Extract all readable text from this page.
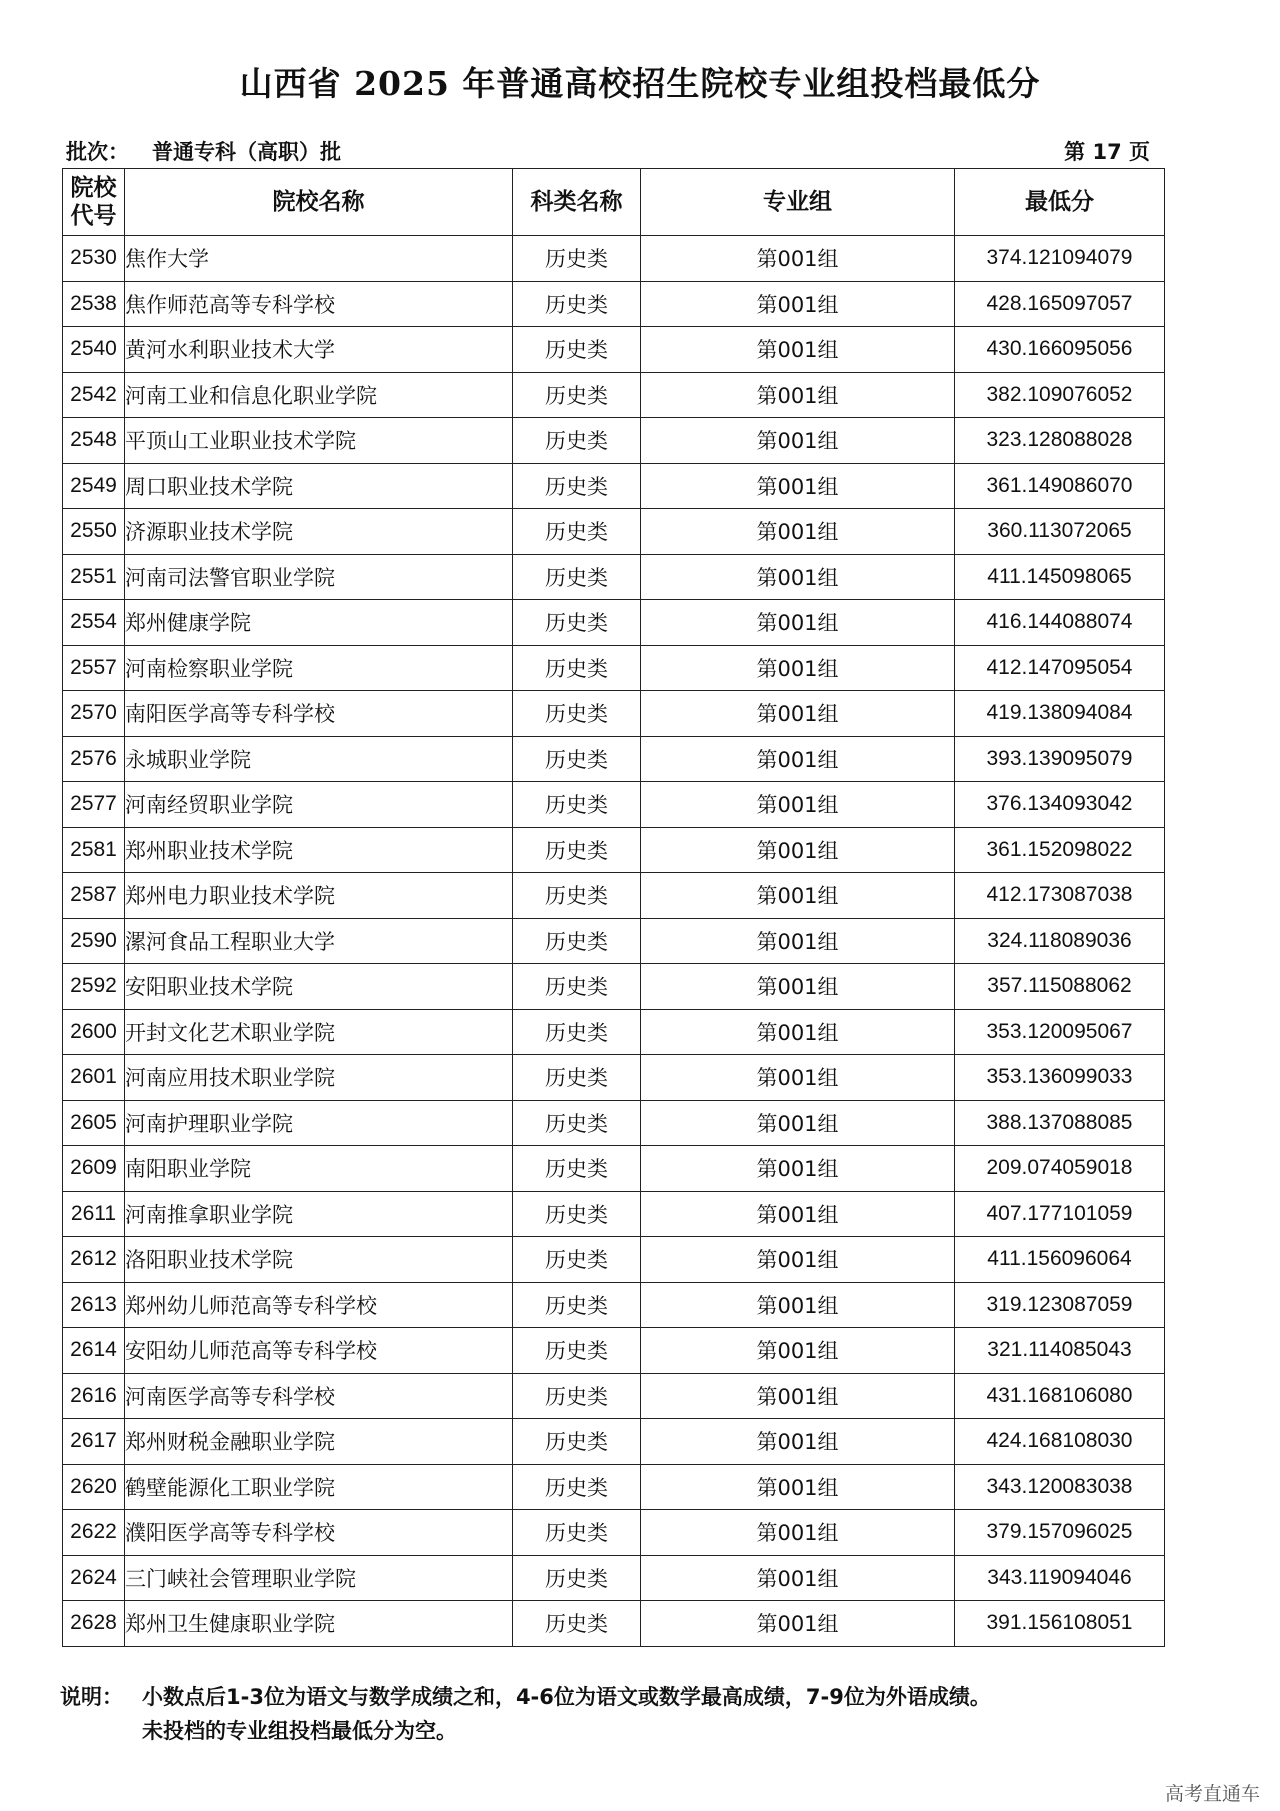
山西省 2025 年普通高校招生院校专业组投档最低分
批次： 普通专科（高职）批	第 17 页
院校
代号	院校名称	科类名称	专业组	最低分
2530	焦作大学	历史类	第001组	374.121094079
2538	焦作师范高等专科学校	历史类	第001组	428.165097057
2540	黄河水利职业技术大学	历史类	第001组	430.166095056
2542	河南工业和信息化职业学院	历史类	第001组	382.109076052
2548	平顶山工业职业技术学院	历史类	第001组	323.128088028
2549	周口职业技术学院	历史类	第001组	361.149086070
2550	济源职业技术学院	历史类	第001组	360.113072065
2551	河南司法警官职业学院	历史类	第001组	411.145098065
2554	郑州健康学院	历史类	第001组	416.144088074
2557	河南检察职业学院	历史类	第001组	412.147095054
2570	南阳医学高等专科学校	历史类	第001组	419.138094084
2576	永城职业学院	历史类	第001组	393.139095079
2577	河南经贸职业学院	历史类	第001组	376.134093042
2581	郑州职业技术学院	历史类	第001组	361.152098022
2587	郑州电力职业技术学院	历史类	第001组	412.173087038
2590	漯河食品工程职业大学	历史类	第001组	324.118089036
2592	安阳职业技术学院	历史类	第001组	357.115088062
2600	开封文化艺术职业学院	历史类	第001组	353.120095067
2601	河南应用技术职业学院	历史类	第001组	353.136099033
2605	河南护理职业学院	历史类	第001组	388.137088085
2609	南阳职业学院	历史类	第001组	209.074059018
2611	河南推拿职业学院	历史类	第001组	407.177101059
2612	洛阳职业技术学院	历史类	第001组	411.156096064
2613	郑州幼儿师范高等专科学校	历史类	第001组	319.123087059
2614	安阳幼儿师范高等专科学校	历史类	第001组	321.114085043
2616	河南医学高等专科学校	历史类	第001组	431.168106080
2617	郑州财税金融职业学院	历史类	第001组	424.168108030
2620	鹤壁能源化工职业学院	历史类	第001组	343.120083038
2622	濮阳医学高等专科学校	历史类	第001组	379.157096025
2624	三门峡社会管理职业学院	历史类	第001组	343.119094046
2628	郑州卫生健康职业学院	历史类	第001组	391.156108051
说明： 小数点后1-3位为语文与数学成绩之和，4-6位为语文或数学最高成绩，7-9位为外语成绩。
未投档的专业组投档最低分为空。
高考直通车
